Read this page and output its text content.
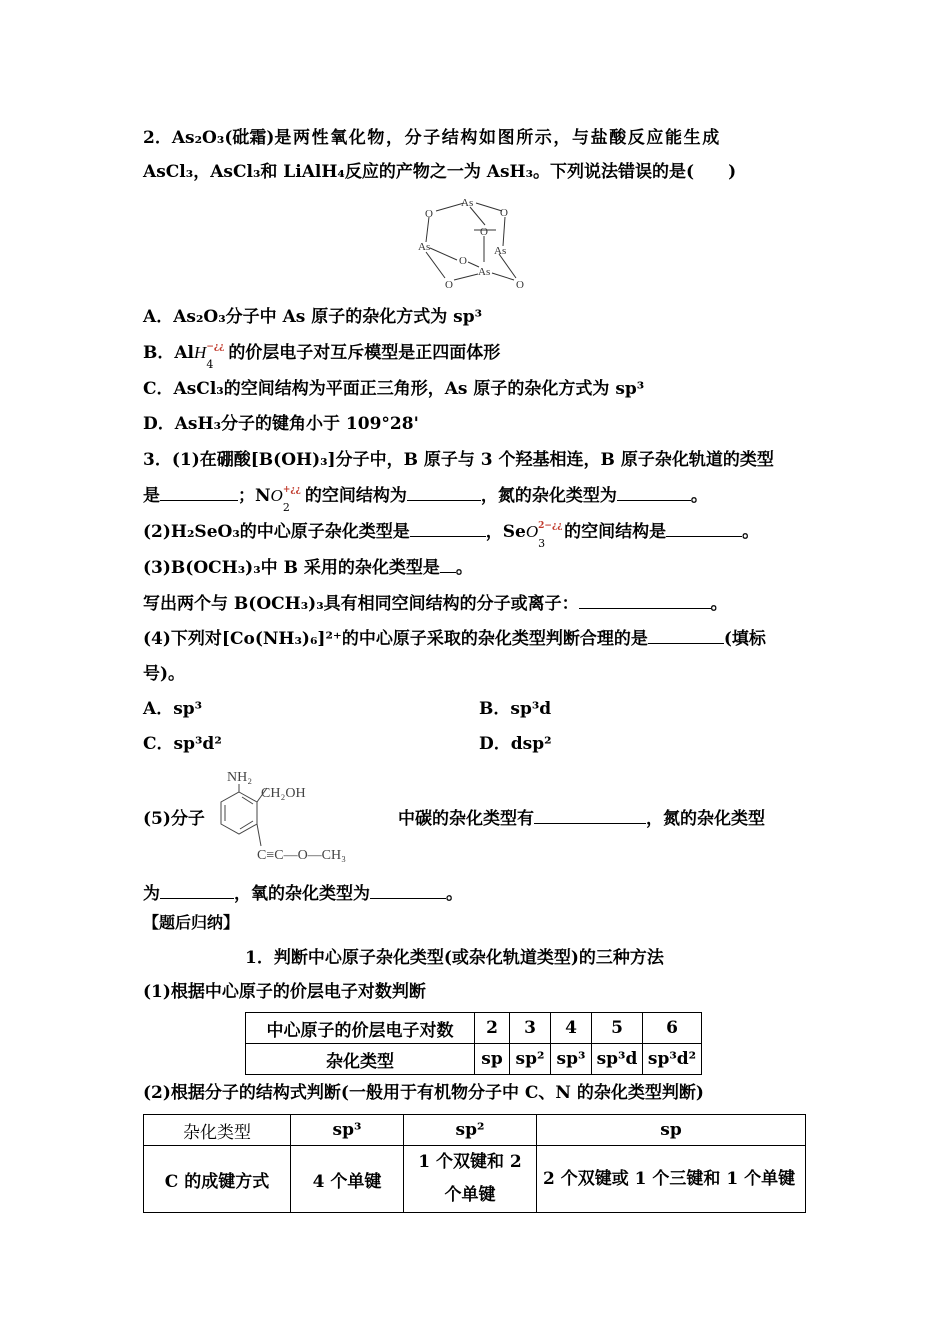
2．As₂O₃(砒霜)是两性氧化物，分子结构如图所示，与盐酸反应能生成
AsCl₃，AsCl₃和 LiAlH₄反应的产物之一为 AsH₃。下列说法错误的是(　　)
As
O	O
O
As	As
O
As
O	O
A．As₂O₃分子中 As 原子的杂化方式为 sp³
B．AlH −¿¿
4
的价层电子对互斥模型是正四面体形
C．AsCl₃的空间结构为平面正三角形，As 原子的杂化方式为 sp³
D．AsH₃分子的键角小于 109°28'
3．(1)在硼酸[B(OH)₃]分子中，B 原子与 3 个羟基相连，B 原子杂化轨道的类型
是	；NO +¿¿
2
的空间结构为	，氮的杂化类型为	。
(2)H₂SeO₃的中心原子杂化类型是	，SeO 2−¿¿
3
的空间结构是	。
(3)B(OCH₃)₃中 B 采用的杂化类型是 。
写出两个与 B(OCH₃)₃具有相同空间结构的分子或离子：	。
(4)下列对[Co(NH₃)₆]²⁺的中心原子采取的杂化类型判断合理的是	(填标
号)。
A．sp³	B．sp³d
C．sp³d²	D．dsp²
(5)分子
NH₂
CH₂OH
C≡C—O—CH₃
中碳的杂化类型有	，氮的杂化类型
为	，氧的杂化类型为	。
【题后归纳】
1．判断中心原子杂化类型(或杂化轨道类型)的三种方法
(1)根据中心原子的价层电子对数判断
中心原子的价层电子对数	2	3	4	5	6
杂化类型	sp	sp²	sp³	sp³d	sp³d²
(2)根据分子的结构式判断(一般用于有机物分子中 C、N 的杂化类型判断)
杂化类型	sp³	sp²	sp
C 的成键方式	4 个单键	1 个双键和 2 个单键	2 个双键或 1 个三键和 1 个单键
